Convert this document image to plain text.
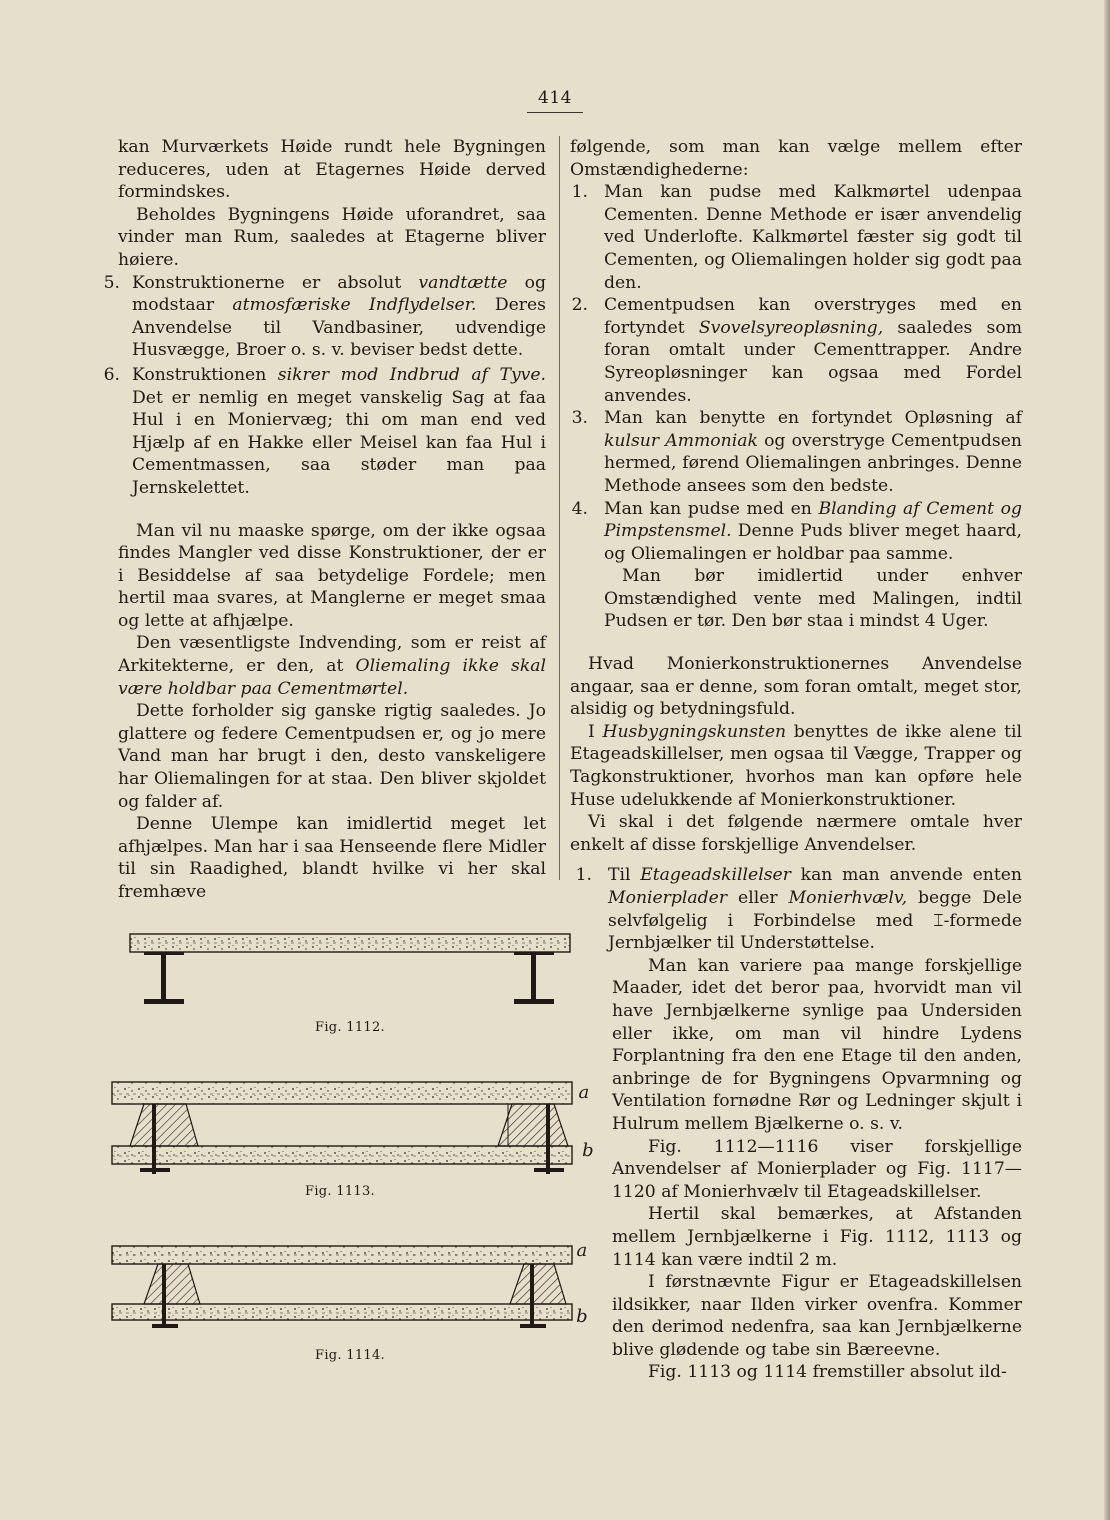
414

kan Murværkets Høide rundt hele Bygningen reduceres, uden at Etagernes Høide derved formindskes.

Beholdes Bygningens Høide uforandret, saa vinder man Rum, saaledes at Etagerne bliver høiere.

5. Konstruktionerne er absolut vandtætte og modstaar atmosfæriske Indflydelser. Deres Anvendelse til Vandbasiner, udvendige Husvægge, Broer o. s. v. beviser bedst dette.
6. Konstruktionen sikrer mod Indbrud af Tyve. Det er nemlig en meget vanskelig Sag at faa Hul i en Moniervæg; thi om man end ved Hjælp af en Hakke eller Meisel kan faa Hul i Cementmassen, saa støder man paa Jernskelettet.

Man vil nu maaske spørge, om der ikke ogsaa findes Mangler ved disse Konstruktioner, der er i Besiddelse af saa betydelige Fordele; men hertil maa svares, at Manglerne er meget smaa og lette at afhjælpe.

Den væsentligste Indvending, som er reist af Arkitekterne, er den, at Oliemaling ikke skal være holdbar paa Cementmørtel.

Dette forholder sig ganske rigtig saaledes. Jo glattere og federe Cementpudsen er, og jo mere Vand man har brugt i den, desto vanskeligere har Oliemalingen for at staa. Den bliver skjoldet og falder af.

Denne Ulempe kan imidlertid meget let afhjælpes. Man har i saa Henseende flere Midler til sin Raadighed, blandt hvilke vi her skal fremhæve

følgende, som man kan vælge mellem efter Omstændighederne:

1. Man kan pudse med Kalkmørtel udenpaa Cementen. Denne Methode er især anvendelig ved Underlofte. Kalkmørtel fæster sig godt til Cementen, og Oliemalingen holder sig godt paa den.
2. Cementpudsen kan overstryges med en fortyndet Svovelsyreopløsning, saaledes som foran omtalt under Cementtrapper. Andre Syreopløsninger kan ogsaa med Fordel anvendes.
3. Man kan benytte en fortyndet Opløsning af kulsur Ammoniak og overstryge Cementpudsen hermed, førend Oliemalingen anbringes. Denne Methode ansees som den bedste.
4. Man kan pudse med en Blanding af Cement og Pimpstensmel. Denne Puds bliver meget haard, og Oliemalingen er holdbar paa samme.

Man bør imidlertid under enhver Omstændighed vente med Malingen, indtil Pudsen er tør. Den bør staa i mindst 4 Uger.

Hvad Monierkonstruktionernes Anvendelse angaar, saa er denne, som foran omtalt, meget stor, alsidig og betydningsfuld.

I Husbygningskunsten benyttes de ikke alene til Etageadskillelser, men ogsaa til Vægge, Trapper og Tagkonstruktioner, hvorhos man kan opføre hele Huse udelukkende af Monierkonstruktioner.

Vi skal i det følgende nærmere omtale hver enkelt af disse forskjellige Anvendelser.

1. Til Etageadskillelser kan man anvende enten Monierplader eller Monierhvælv, begge Dele selvfølgelig i Forbindelse med ⌶-formede Jernbjælker til Understøttelse.

Man kan variere paa mange forskjellige Maader, idet det beror paa, hvorvidt man vil have Jernbjælkerne synlige paa Undersiden eller ikke, om man vil hindre Lydens Forplantning fra den ene Etage til den anden, anbringe de for Bygningens Opvarmning og Ventilation fornødne Rør og Ledninger skjult i Hulrum mellem Bjælkerne o. s. v.

Fig. 1112—1116 viser forskjellige Anvendelser af Monierplader og Fig. 1117—1120 af Monierhvælv til Etageadskillelser.

Hertil skal bemærkes, at Afstanden mellem Jernbjælkerne i Fig. 1112, 1113 og 1114 kan være indtil 2 m.

I førstnævnte Figur er Etageadskillelsen ildsikker, naar Ilden virker ovenfra. Kommer den derimod nedenfra, saa kan Jernbjælkerne blive glødende og tabe sin Bæreevne.

Fig. 1113 og 1114 fremstiller absolut ild-

Fig. 1112.
a
b
Fig. 1113.
a
b
Fig. 1114.
